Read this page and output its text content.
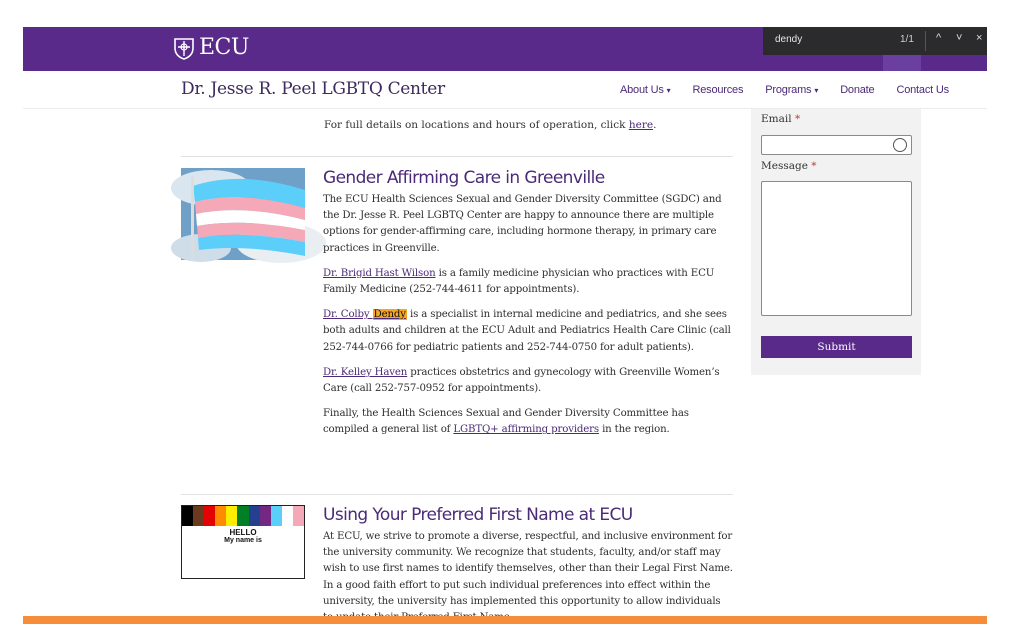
ECU	dendy	1/1 ^ ˅ ×
Dr. Jesse R. Peel LGBTQ Center	About Us ▾ Resources Programs ▾ Donate Contact Us
For full details on locations and hours of operation, click here.
Gender Affirming Care in Greenville

The ECU Health Sciences Sexual and Gender Diversity Committee (SGDC) and the Dr. Jesse R. Peel LGBTQ Center are happy to announce there are multiple options for gender-affirming care, including hormone therapy, in primary care practices in Greenville.

Dr. Brigid Hast Wilson is a family medicine physician who practices with ECU Family Medicine (252-744-4611 for appointments).

Dr. Colby Dendy is a specialist in internal medicine and pediatrics, and she sees both adults and children at the ECU Adult and Pediatrics Health Care Clinic (call 252-744-0766 for pediatric patients and 252-744-0750 for adult patients).

Dr. Kelley Haven practices obstetrics and gynecology with Greenville Women’s Care (call 252-757-0952 for appointments).

Finally, the Health Sciences Sexual and Gender Diversity Committee has compiled a general list of LGBTQ+ affirming providers in the region.

HELLO
My name is
Using Your Preferred First Name at ECU

At ECU, we strive to promote a diverse, respectful, and inclusive environment for the university community. We recognize that students, faculty, and/or staff may wish to use first names to identify themselves, other than their Legal First Name. In a good faith effort to put such individual preferences into effect within the university, the university has implemented this opportunity to allow individuals

Email *
Message *
Submit
